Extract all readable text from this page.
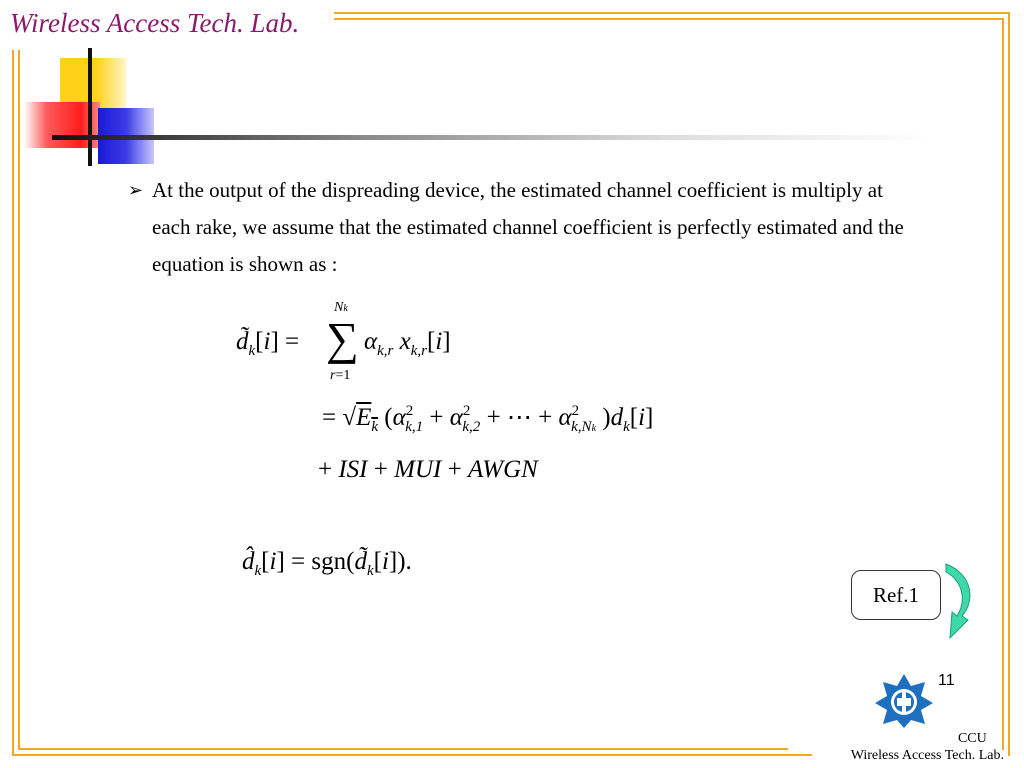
Wireless Access Tech. Lab.
➢ At the output of the dispreading device, the estimated channel coefficient is multiply at each rake, we assume that the estimated channel coefficient is perfectly estimated and the equation is shown as :
$d̃_k[i]$ = ∑
Nk
r=1
$\alpha_{k,r}$ $x_{k,r}[i]$
= $√E_k$ ($\alpha^2_{k,1} + \alpha^2_{k,2}$ + ⋯ + $\alpha^2_{k,Nk}$ )$d_k[i]$
+ ISI + MUI + AWGN
$d̂_k[i]$ = $sgn(d̃_k[i])$.
Ref.1
11
CCU
Wireless Access Tech. Lab.
